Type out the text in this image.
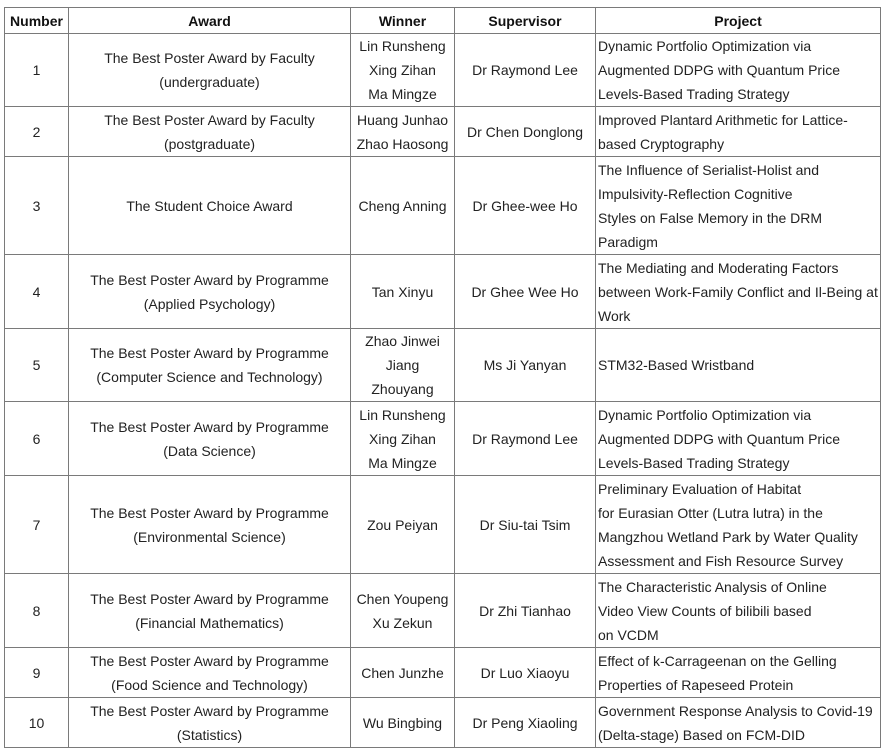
Number	Award	Winner	Supervisor	Project
1	The Best Poster Award by Faculty
(undergraduate)	Lin Runsheng
Xing Zihan
Ma Mingze	Dr Raymond Lee	Dynamic Portfolio Optimization via
Augmented DDPG with Quantum Price
Levels-Based Trading Strategy

2	The Best Poster Award by Faculty
(postgraduate)	Huang Junhao
Zhao Haosong	Dr Chen Donglong	Improved Plantard Arithmetic for Lattice-
based Cryptography

3	The Student Choice Award	Cheng Anning	Dr Ghee-wee Ho	The Influence of Serialist-Holist and
Impulsivity-Reflection Cognitive
Styles on False Memory in the DRM
Paradigm

4	The Best Poster Award by Programme
(Applied Psychology)	Tan Xinyu	Dr Ghee Wee Ho	The Mediating and Moderating Factors
between Work-Family Conflict and Il-Being at
Work

5	The Best Poster Award by Programme
(Computer Science and Technology)	Zhao Jinwei
Jiang Zhouyang	Ms Ji Yanyan	STM32-Based Wristband

6	The Best Poster Award by Programme
(Data Science)	Lin Runsheng
Xing Zihan
Ma Mingze	Dr Raymond Lee	Dynamic Portfolio Optimization via
Augmented DDPG with Quantum Price
Levels-Based Trading Strategy

7	The Best Poster Award by Programme
(Environmental Science)	Zou Peiyan	Dr Siu-tai Tsim	Preliminary Evaluation of Habitat
for Eurasian Otter (Lutra lutra) in the
Mangzhou Wetland Park by Water Quality
Assessment and Fish Resource Survey

8	The Best Poster Award by Programme
(Financial Mathematics)	Chen Youpeng
Xu Zekun	Dr Zhi Tianhao	The Characteristic Analysis of Online
Video View Counts of bilibili based
on VCDM

9	The Best Poster Award by Programme
(Food Science and Technology)	Chen Junzhe	Dr Luo Xiaoyu	Effect of k-Carrageenan on the Gelling
Properties of Rapeseed Protein

10	The Best Poster Award by Programme
(Statistics)	Wu Bingbing	Dr Peng Xiaoling	Government Response Analysis to Covid-19
(Delta-stage) Based on FCM-DID
